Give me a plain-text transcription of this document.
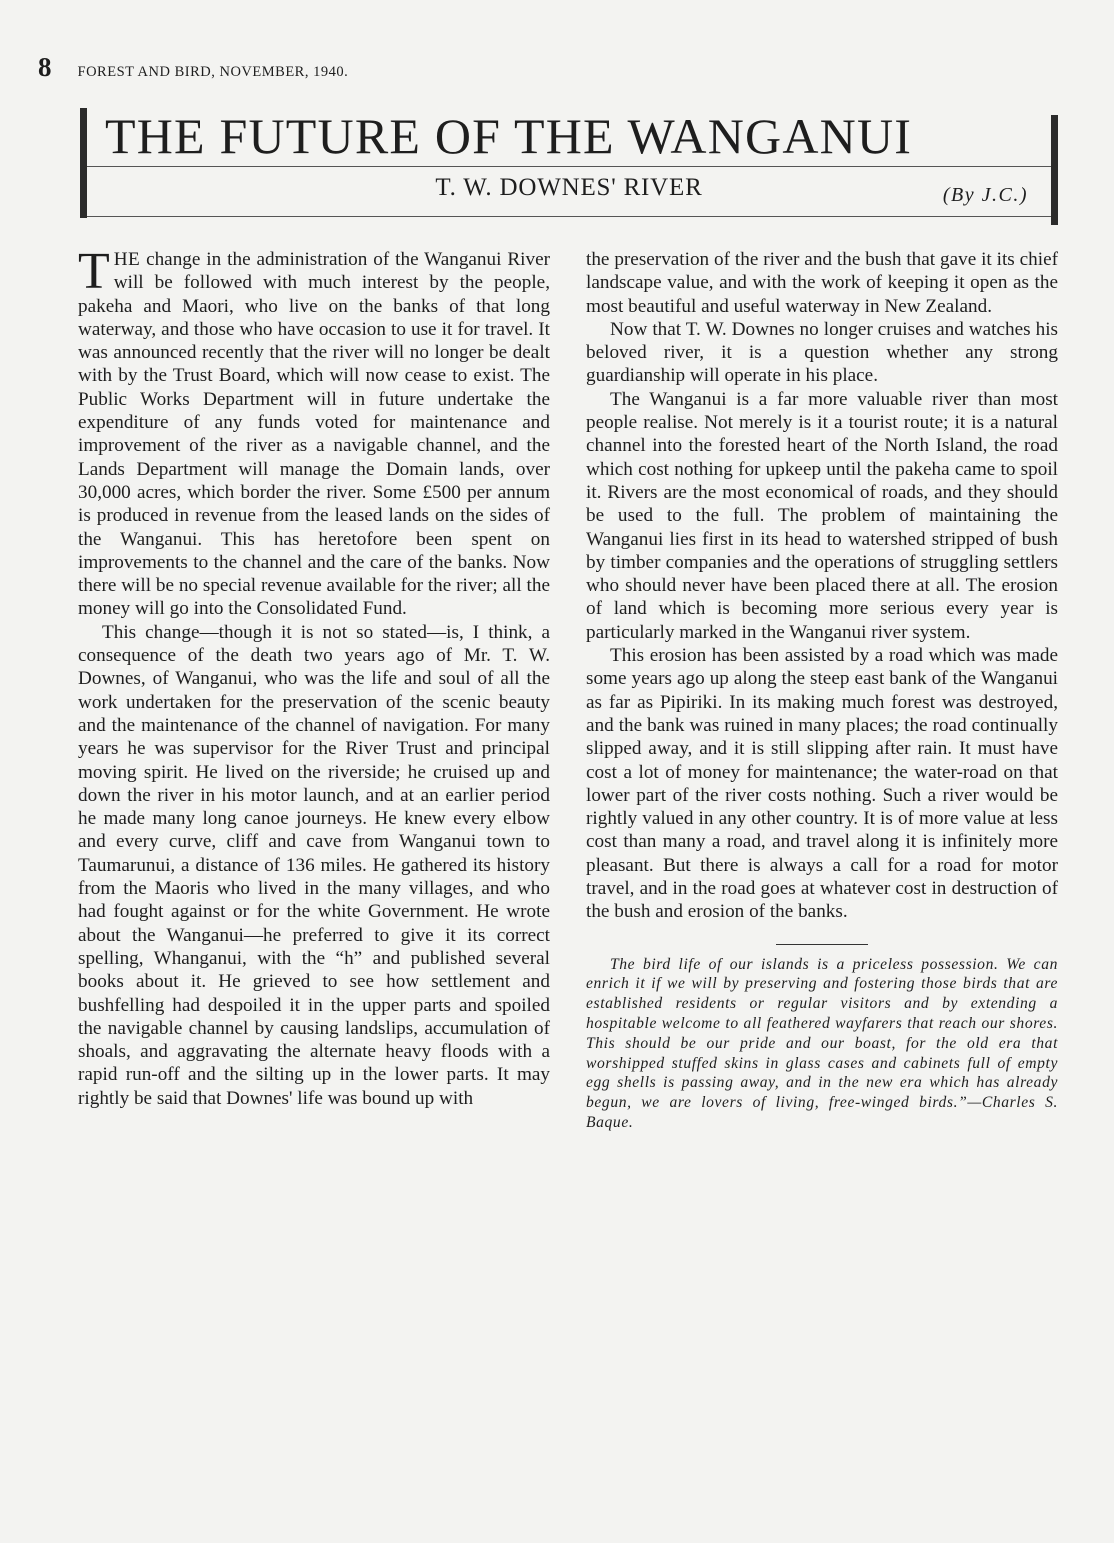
8 FOREST AND BIRD, NOVEMBER, 1940.
THE FUTURE OF THE WANGANUI
T. W. DOWNES' RIVER	(By J.C.)

THE change in the administration of the Wanganui River will be followed with much interest by the people, pakeha and Maori, who live on the banks of that long waterway, and those who have occasion to use it for travel. It was announced recently that the river will no longer be dealt with by the Trust Board, which will now cease to exist. The Public Works Department will in future undertake the expenditure of any funds voted for maintenance and improvement of the river as a navigable channel, and the Lands Department will manage the Domain lands, over 30,000 acres, which border the river. Some £500 per annum is produced in revenue from the leased lands on the sides of the Wanganui. This has heretofore been spent on improvements to the channel and the care of the banks. Now there will be no special revenue available for the river; all the money will go into the Consolidated Fund.

This change—though it is not so stated—is, I think, a consequence of the death two years ago of Mr. T. W. Downes, of Wanganui, who was the life and soul of all the work undertaken for the preservation of the scenic beauty and the maintenance of the channel of navigation. For many years he was supervisor for the River Trust and principal moving spirit. He lived on the riverside; he cruised up and down the river in his motor launch, and at an earlier period he made many long canoe journeys. He knew every elbow and every curve, cliff and cave from Wanganui town to Taumarunui, a distance of 136 miles. He gathered its history from the Maoris who lived in the many villages, and who had fought against or for the white Government. He wrote about the Wanganui—he preferred to give it its correct spelling, Whanganui, with the “h” and published several books about it. He grieved to see how settlement and bushfelling had despoiled it in the upper parts and spoiled the navigable channel by causing landslips, accumulation of shoals, and aggravating the alternate heavy floods with a rapid run-off and the silting up in the lower parts. It may rightly be said that Downes' life was bound up with

the preservation of the river and the bush that gave it its chief landscape value, and with the work of keeping it open as the most beautiful and useful waterway in New Zealand.

Now that T. W. Downes no longer cruises and watches his beloved river, it is a question whether any strong guardianship will operate in his place.

The Wanganui is a far more valuable river than most people realise. Not merely is it a tourist route; it is a natural channel into the forested heart of the North Island, the road which cost nothing for upkeep until the pakeha came to spoil it. Rivers are the most economical of roads, and they should be used to the full. The problem of maintaining the Wanganui lies first in its head to watershed stripped of bush by timber companies and the operations of struggling settlers who should never have been placed there at all. The erosion of land which is becoming more serious every year is particularly marked in the Wanganui river system.

This erosion has been assisted by a road which was made some years ago up along the steep east bank of the Wanganui as far as Pipiriki. In its making much forest was destroyed, and the bank was ruined in many places; the road continually slipped away, and it is still slipping after rain. It must have cost a lot of money for maintenance; the water-road on that lower part of the river costs nothing. Such a river would be rightly valued in any other country. It is of more value at less cost than many a road, and travel along it is infinitely more pleasant. But there is always a call for a road for motor travel, and in the road goes at whatever cost in destruction of the bush and erosion of the banks.

The bird life of our islands is a priceless possession. We can enrich it if we will by preserving and fostering those birds that are established residents or regular visitors and by extending a hospitable welcome to all feathered wayfarers that reach our shores. This should be our pride and our boast, for the old era that worshipped stuffed skins in glass cases and cabinets full of empty egg shells is passing away, and in the new era which has already begun, we are lovers of living, free-winged birds.”—Charles S. Baque.
